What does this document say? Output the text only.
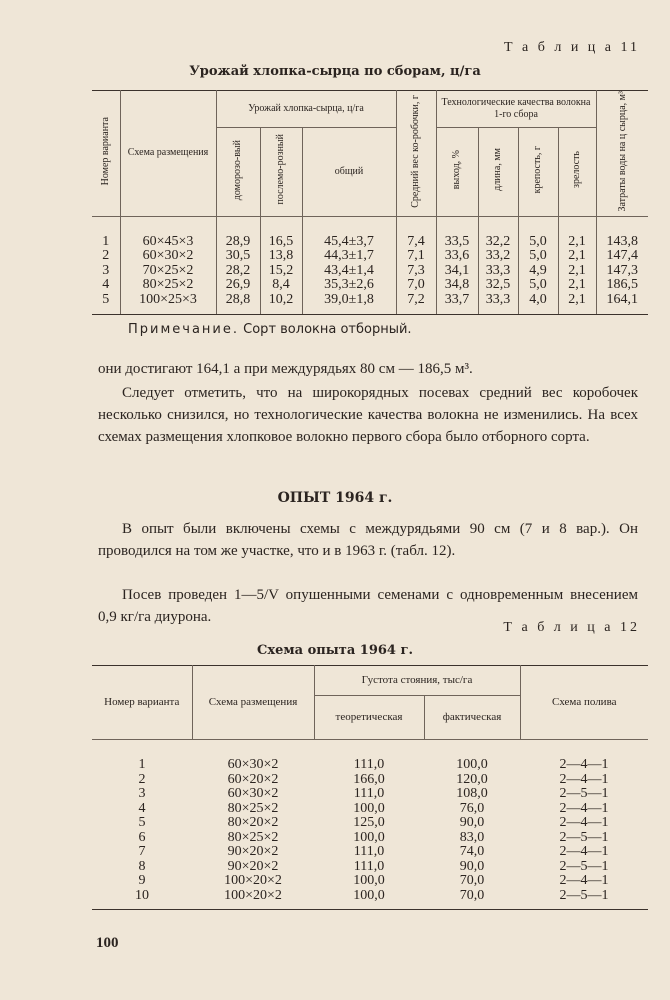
Т а б л и ц а 11
Урожай хлопка-сырца по сборам, ц/га
Номер варианта	Схема размещения	Урожай хлопка-сырца, ц/га			Средний вес ко-робочки, г	Технологические качества волокна 1-го сбора				Затраты воды на ц сырца, м³
		доморозо-вый	послемо-розный	общий		выход, %	длина, мм	крепость, г	зрелость	
1	60×45×3	28,9	16,5	45,4±3,7	7,4	33,5	32,2	5,0	2,1	143,8
2	60×30×2	30,5	13,8	44,3±1,7	7,1	33,6	33,2	5,0	2,1	147,4
3	70×25×2	28,2	15,2	43,4±1,4	7,3	34,1	33,3	4,9	2,1	147,3
4	80×25×2	26,9	8,4	35,3±2,6	7,0	34,8	32,5	5,0	2,1	186,5
5	100×25×3	28,8	10,2	39,0±1,8	7,2	33,7	33,3	4,0	2,1	164,1
Примечание. Сорт волокна отборный.
они достигают 164,1 а при междурядьях 80 см — 186,5 м³.
Следует отметить, что на широкорядных посевах средний вес коробочек несколько снизился, но технологические качества волокна не изменились. На всех схемах размещения хлопковое волокно первого сбора было отборного сорта.
ОПЫТ 1964 г.
В опыт были включены схемы с междурядьями 90 см (7 и 8 вар.). Он проводился на том же участке, что и в 1963 г. (табл. 12).
Посев проведен 1—5/V опушенными семенами с одновременным внесением 0,9 кг/га диурона.
Т а б л и ц а 12
Схема опыта 1964 г.
Номер варианта	Схема размещения	Густота стояния, тыс/га		Схема полива
		теоретическая	фактическая	
1	60×30×2	111,0	100,0	2—4—1
2	60×20×2	166,0	120,0	2—4—1
3	60×30×2	111,0	108,0	2—5—1
4	80×25×2	100,0	76,0	2—4—1
5	80×20×2	125,0	90,0	2—4—1
6	80×25×2	100,0	83,0	2—5—1
7	90×20×2	111,0	74,0	2—4—1
8	90×20×2	111,0	90,0	2—5—1
9	100×20×2	100,0	70,0	2—4—1
10	100×20×2	100,0	70,0	2—5—1
100
